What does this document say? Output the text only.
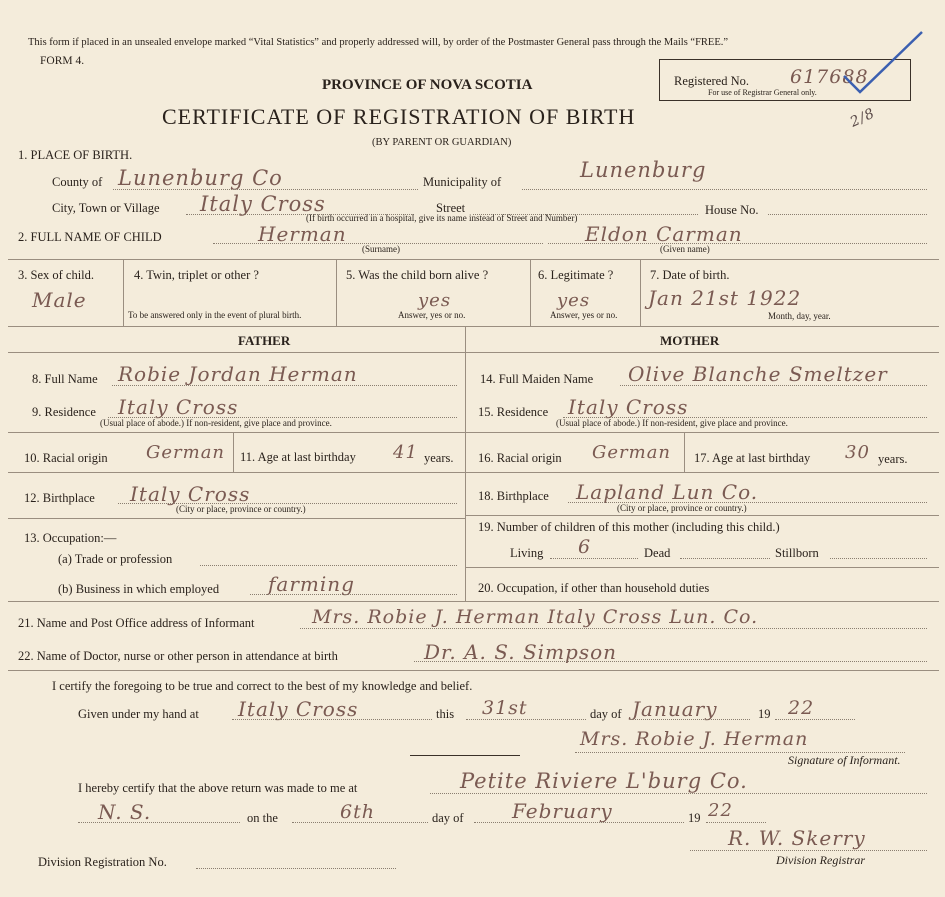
This form if placed in an unsealed envelope marked “Vital Statistics” and properly addressed will, by order of the Postmaster General pass through the Mails “FREE.”
FORM 4.
PROVINCE OF NOVA SCOTIA
CERTIFICATE OF REGISTRATION OF BIRTH
(BY PARENT OR GUARDIAN)
Registered No. 617688
For use of Registrar General only.
2/8
1. PLACE OF BIRTH.
County of Lunenburg Co	Municipality of	Lunenburg
City, Town or Village Italy Cross	Street	House No.
(If birth occurred in a hospital, give its name instead of Street and Number)
2. FULL NAME OF CHILD	Herman
(Surname)
Eldon Carman
(Given name)
3. Sex of child.
Male
4. Twin, triplet or other ?
To be answered only in the event of plural birth.
5. Was the child born alive ?
yes
Answer, yes or no.
6. Legitimate ?
yes
Answer, yes or no.
7. Date of birth.
Jan 21st 1922
Month, day, year.
FATHER	MOTHER
8. Full Name Robie Jordan Herman
9. Residence Italy Cross
(Usual place of abode.) If non-resident, give place and province.
10. Racial origin German 11. Age at last birthday 41 years.
12. Birthplace Italy Cross
(City or place, province or country.)
13. Occupation:—
(a) Trade or profession
(b) Business in which employed farming
14. Full Maiden Name Olive Blanche Smeltzer
15. Residence Italy Cross
(Usual place of abode.) If non-resident, give place and province.
16. Racial origin German 17. Age at last birthday 30 years.
18. Birthplace Lapland Lun Co.
(City or place, province or country.)
19. Number of children of this mother (including this child.)
Living 6	Dead	Stillborn
20. Occupation, if other than household duties
21. Name and Post Office address of Informant	Mrs. Robie J. Herman Italy Cross Lun. Co.
22. Name of Doctor, nurse or other person in attendance at birth	Dr. A. S. Simpson
I certify the foregoing to be true and correct to the best of my knowledge and belief.
Given under my hand at Italy Cross	this 31st	day of January	19 22
Mrs. Robie J. Herman
Signature of Informant.
I hereby certify that the above return was made to me at	Petite Riviere L'burg Co.
N. S.	on the	6th	day of February	19 22
R. W. Skerry
Division Registrar
Division Registration No.
